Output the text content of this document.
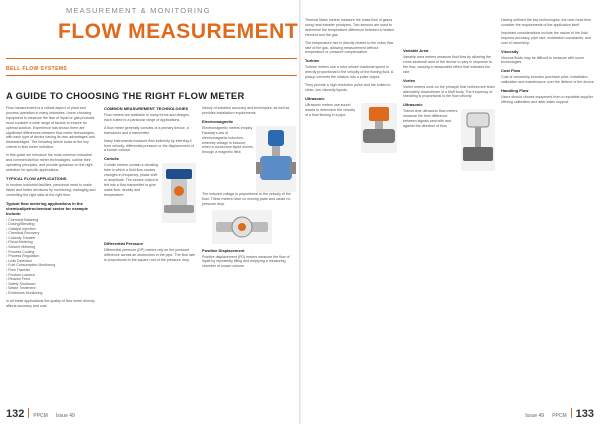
MEASUREMENT & MONITORING
FLOW MEASUREMENT
BELL FLOW SYSTEMS
A GUIDE TO CHOOSING THE RIGHT FLOW METER

Flow measurement is a critical aspect of plant and process operation in many industries. Users choosing equipment to measure the flow of liquid or gas products must consider a wide range of factors to ensure an optimal solution. Experience has shown there are significant differences between flow meter technologies, with each type of device having its own advantages and disadvantages. The following article looks at the key criteria in flow meter selection.

In this guide we introduce the most common industrial and commercial flow meter technologies, outline their operating principles, and provide guidance on the right selection for specific applications.

TYPICAL FLOW APPLICATIONS

In modern industrial facilities, personnel need to make faster and better decisions by monitoring, managing and controlling the right data at the right time.

Typical flow metering applications in the chemical/petrochemical sector for example include:
• Chemical Batching
• Dosing/Blending
• Catalyst Injection
• Chemical Recovery
• Custody Transfer
• Fiscal Metering
• Solvent Metering
• Process Cooling
• Process Regulation
• Leak Detection
• Fuel Consumption Monitoring
• Flow Transfer
• Product Loadout
• Reactor Feed
• Safety Shutdown
• Waste Treatment
• Emissions Monitoring

In all these applications the quality of flow meter directly affects accuracy and cost.

COMMON MEASUREMENT TECHNOLOGIES

Flow meters are available in many forms and designs, each suited to a particular range of applications.

A flow meter generally consists of a primary device, a transducer and a transmitter.

Many instruments measure flow indirectly by inferring it from velocity, differential pressure or the displacement of a known volume.

Coriolis

Coriolis meters contain a vibrating tube in which a fluid flow causes changes in frequency, phase shift or amplitude. The sensor output is fed into a flow transmitter to give mass flow, density and temperature.

Differential Pressure

Differential pressure (DP) meters rely on the pressure difference across an obstruction in the pipe. The flow rate is proportional to the square root of the pressure drop.

history of installed accuracy and techniques, as well as provides installation requirements.

Electromagnetic

Electromagnetic meters employ Faraday's law of electromagnetic induction, whereby voltage is induced when a conductive liquid moves through a magnetic field.

The induced voltage is proportional to the velocity of the fluid. These meters have no moving parts and cause no pressure drop.

Positive Displacement

Positive displacement (PD) meters measure the flow of liquid by repeatedly filling and emptying a measuring chamber of known volume.

132 PPCM Issue 49

Thermal Mass meters measure the mass flow of gases using heat transfer principles. Two sensors are used to determine the temperature difference between a heated element and the gas.

The temperature rise is directly related to the mass flow rate of the gas, allowing measurement without temperature or pressure compensation.

Turbine

Turbine meters use a rotor whose rotational speed is directly proportional to the velocity of the flowing fluid. A pickup converts the rotation into a pulse output.

They provide a high resolution pulse and are suited to clean, low viscosity liquids.

Ultrasonic

Ultrasonic meters use sound waves to determine the velocity of a fluid flowing in a pipe.

Variable Area

Variable area meters measure fluid flow by allowing the cross-sectional area of the device to vary in response to the flow, causing a measurable effect that indicates the rate.

Vortex

Vortex meters work on the principle that vortices are shed alternately downstream of a bluff body. The frequency of shedding is proportional to the flow velocity.

Ultrasonic

Transit time ultrasonic flow meters measure the time difference between signals sent with and against the direction of flow.

Having outlined the key technologies, the user must then consider the requirements of the application itself.

Important considerations include the nature of the fluid, required accuracy, pipe size, installation constraints, and cost of ownership.

Viscosity

Viscous fluids may be difficult to measure with some technologies.

Cost Flow

Cost of ownership includes purchase price, installation, calibration and maintenance over the lifetime of the device.

Handling Flow

Users should choose equipment from a reputable supplier offering calibration and after-sales support.

Issue 49 PPCM 133
